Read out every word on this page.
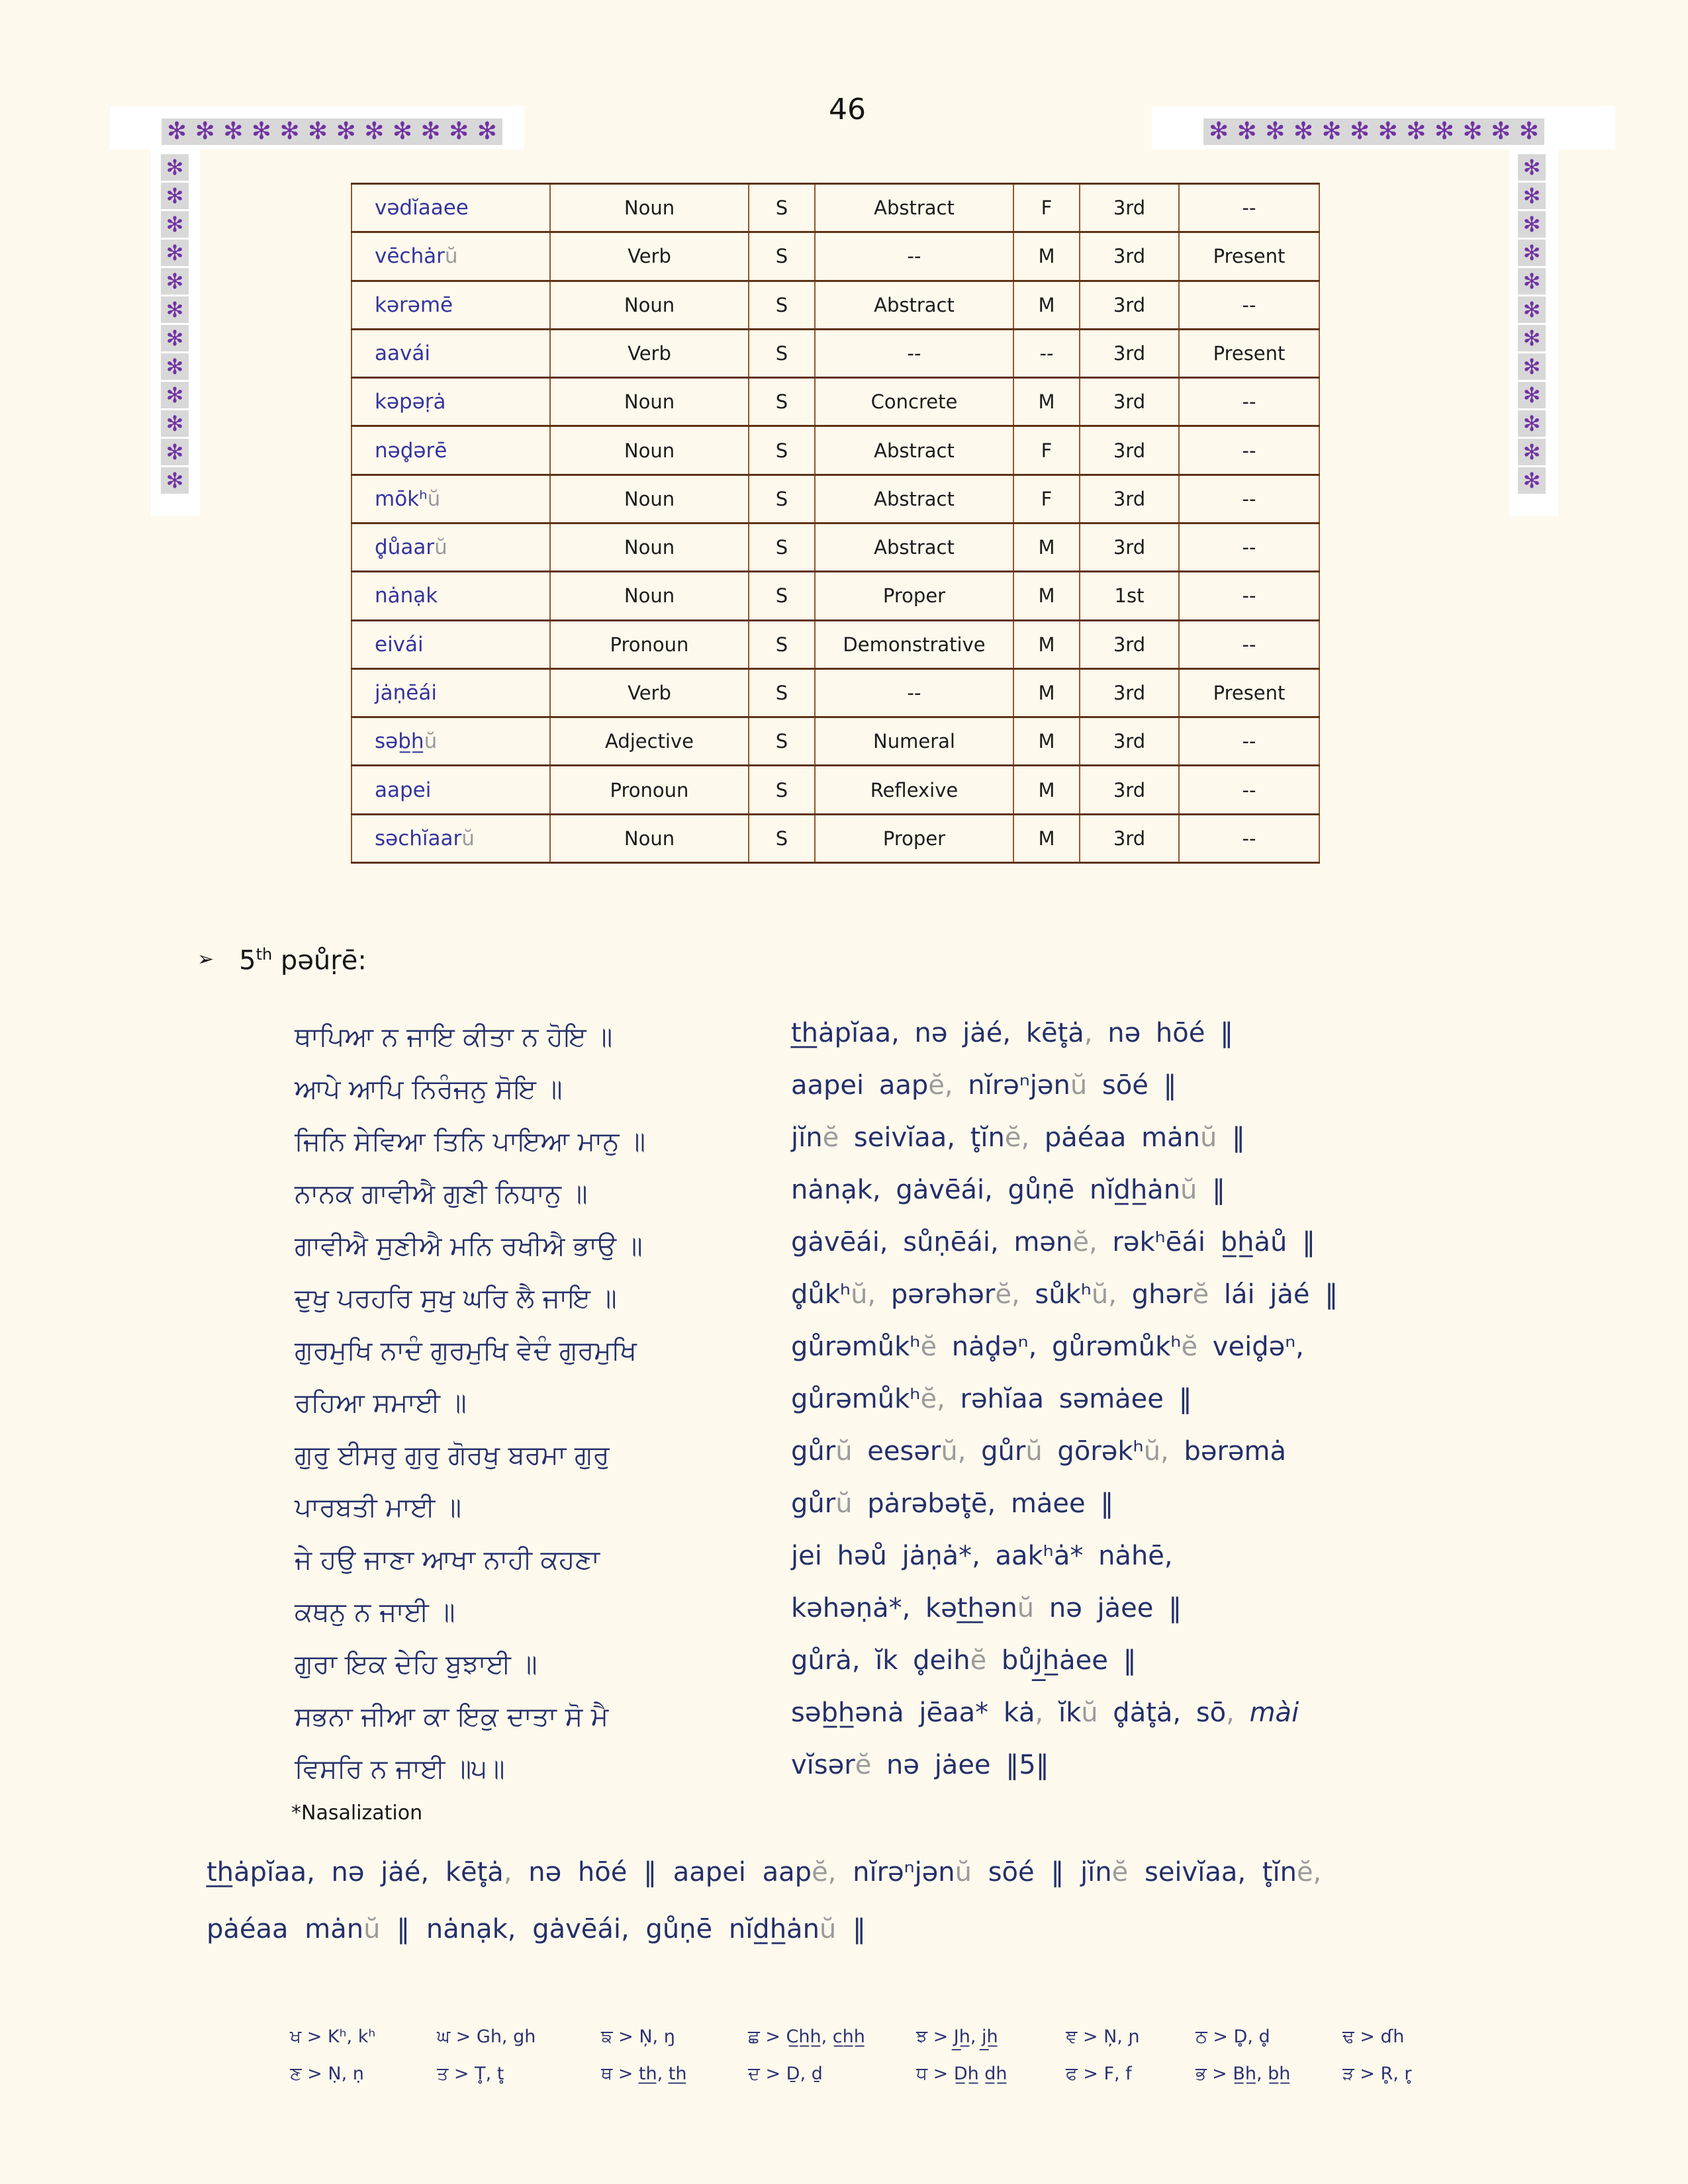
46
✻ ✻ ✻ ✻ ✻ ✻ ✻ ✻ ✻ ✻ ✻ ✻	✻ ✻ ✻ ✻ ✻ ✻ ✻ ✻ ✻ ✻ ✻ ✻
✻
✻
✻
✻
✻
✻
✻
✻
✻
✻
✻
✻
✻
✻
✻
✻
✻
✻
✻
✻
✻
✻
✻
✻
vədĭaaee	Noun	S	Abstract	F	3rd	--
vēchȧrŭ	Verb	S	--	M	3rd	Present
kərəmē	Noun	S	Abstract	M	3rd	--
aavái	Verb	S	--	--	3rd	Present
kəpəṛȧ	Noun	S	Concrete	M	3rd	--
nəd̥ərē	Noun	S	Abstract	F	3rd	--
mōkʰŭ	Noun	S	Abstract	F	3rd	--
d̥ůaarŭ	Noun	S	Abstract	M	3rd	--
nȧnạk	Noun	S	Proper	M	1st	--
eivái	Pronoun	S	Demonstrative	M	3rd	--
jȧṇēái	Verb	S	--	M	3rd	Present
səb̲h̲ŭ	Adjective	S	Numeral	M	3rd	--
aapei	Pronoun	S	Reflexive	M	3rd	--
səchĭaarŭ	Noun	S	Proper	M	3rd	--
➢ 5th pəůṛē:
ਥਾਪਿਆ ਨ ਜਾਇ ਕੀਤਾ ਨ ਹੋਇ ॥	t̲h̲ȧpĭaa, nə jȧé, kēt̥ȧ, nə hōé ‖
ਆਪੇ ਆਪਿ ਨਿਰੰਜਨੁ ਸੋਇ ॥	aapei aapĕ, nĭrəⁿjənŭ sōé ‖
ਜਿਨਿ ਸੇਵਿਆ ਤਿਨਿ ਪਾਇਆ ਮਾਨੁ ॥	jĭnĕ seivĭaa, t̥ĭnĕ, pȧéaa mȧnŭ ‖
ਨਾਨਕ ਗਾਵੀਐ ਗੁਣੀ ਨਿਧਾਨੁ ॥	nȧnạk, gȧvēái, gůṇē nĭd̲h̲ȧnŭ ‖
ਗਾਵੀਐ ਸੁਣੀਐ ਮਨਿ ਰਖੀਐ ਭਾਉ ॥	gȧvēái, sůṇēái, mənĕ, rəkʰēái b̲h̲ȧů ‖
ਦੁਖੁ ਪਰਹਰਿ ਸੁਖੁ ਘਰਿ ਲੈ ਜਾਇ ॥	d̥ůkʰŭ, pərəhərĕ, sůkʰŭ, ghərĕ lái jȧé ‖
ਗੁਰਮੁਖਿ ਨਾਦੰ ਗੁਰਮੁਖਿ ਵੇਦੰ ਗੁਰਮੁਖਿ	gůrəmůkʰĕ nȧd̥əⁿ, gůrəmůkʰĕ veid̥əⁿ,
ਰਹਿਆ ਸਮਾਈ ॥	gůrəmůkʰĕ, rəhĭaa səmȧee ‖
ਗੁਰੁ ਈਸਰੁ ਗੁਰੁ ਗੋਰਖੁ ਬਰਮਾ ਗੁਰੁ	gůrŭ eesərŭ, gůrŭ gōrəkʰŭ, bərəmȧ
ਪਾਰਬਤੀ ਮਾਈ ॥	gůrŭ pȧrəbət̥ē, mȧee ‖
ਜੇ ਹਉ ਜਾਣਾ ਆਖਾ ਨਾਹੀ ਕਹਣਾ	jei həů jȧṇȧ*, aakʰȧ* nȧhē,
ਕਥਨੁ ਨ ਜਾਈ ॥	kəhəṇȧ*, kət̲h̲ənŭ nə jȧee ‖
ਗੁਰਾ ਇਕ ਦੇਹਿ ਬੁਝਾਈ ॥	gůrȧ, ĭk d̥eihĕ bůj̲h̲ȧee ‖
ਸਭਨਾ ਜੀਆ ਕਾ ਇਕੁ ਦਾਤਾ ਸੋ ਮੈ	səb̲h̲ənȧ jēaa* kȧ, ĭkŭ d̥ȧt̥ȧ, sō, mài
ਵਿਸਰਿ ਨ ਜਾਈ ॥੫॥	vĭsərĕ nə jȧee ‖5‖
*Nasalization
t̲h̲ȧpĭaa, nə jȧé, kēt̥ȧ, nə hōé ‖ aapei aapĕ, nĭrəⁿjənŭ sōé ‖ jĭnĕ seivĭaa, t̥ĭnĕ,
pȧéaa mȧnŭ ‖ nȧnạk, gȧvēái, gůṇē nĭd̲h̲ȧnŭ ‖
ਖ > Kʰ, kʰ	ਘ > Gh, gh	ਙ > Ņ, ŋ	ਛ > C̲h̲h̲, c̲h̲h̲	ਝ > J̲h̲, j̲h̲	ਞ > Ņ, ɲ	ਠ > D̥, d̥	ਢ > ɗh
ਣ > Ṇ, ṇ	ਤ > T̥, t̥	ਥ > t̲h̲, t̲h̲	ਦ > Ḏ, ḏ	ਧ > D̲h̲ d̲h̲	ਫ > F, f	ਭ > B̲h̲, b̲h̲	ੜ > R̥, r̥
